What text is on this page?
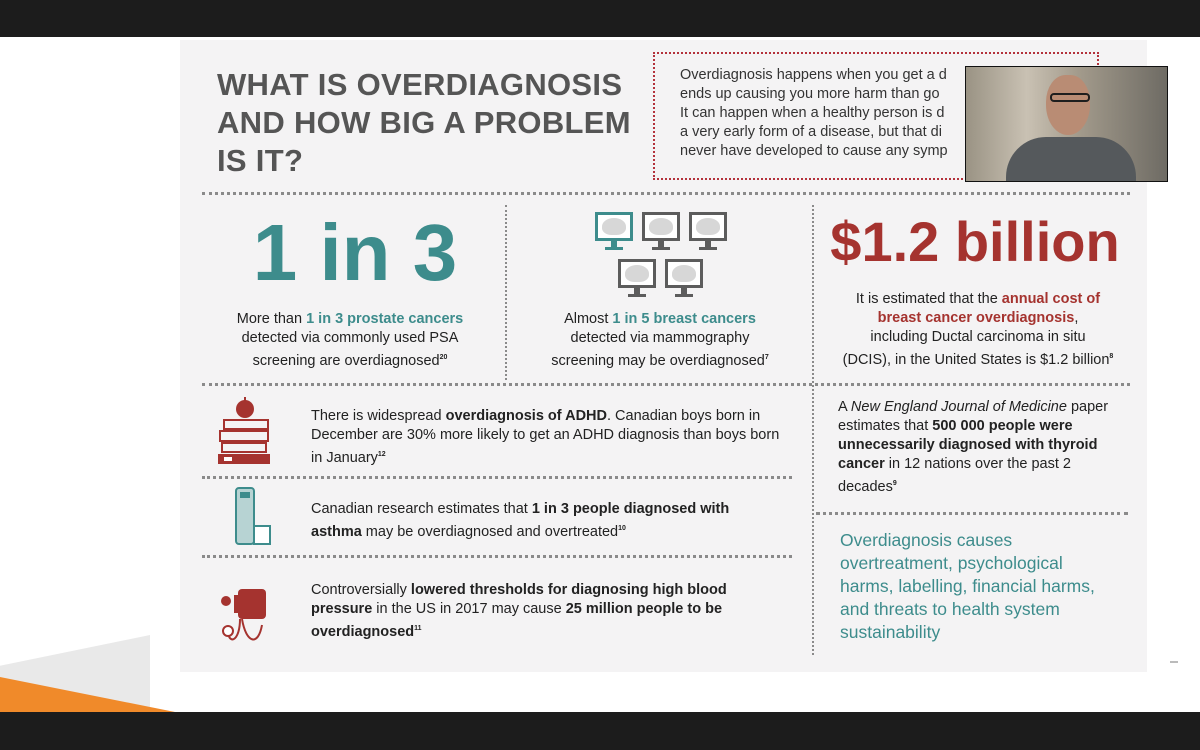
WHAT IS OVERDIAGNOSIS AND HOW BIG A PROBLEM IS IT?
Overdiagnosis happens when you get a d
ends up causing you more harm than go
It can happen when a healthy person is d
a very early form of a disease, but that di
never have developed to cause any symp
1 in 3
More than 1 in 3 prostate cancers
detected via commonly used PSA
screening are overdiagnosed$^{20}$
Almost 1 in 5 breast cancers
detected via mammography
screening may be overdiagnosed$^7$
$1.2 billion
It is estimated that the annual cost of
breast cancer overdiagnosis,
including Ductal carcinoma in situ
(DCIS), in the United States is $1.2 billion$^8$
There is widespread overdiagnosis of ADHD. Canadian boys born in December are 30% more likely to get an ADHD diagnosis than boys born in January$^{12}$
Canadian research estimates that 1 in 3 people diagnosed with asthma may be overdiagnosed and overtreated$^{10}$
Controversially lowered thresholds for diagnosing high blood pressure in the US in 2017 may cause 25 million people to be overdiagnosed$^{11}$
A New England Journal of Medicine paper estimates that 500 000 people were unnecessarily diagnosed with thyroid cancer in 12 nations over the past 2 decades$^9$
Overdiagnosis causes overtreatment, psychological harms, labelling, financial harms, and threats to health system sustainability
